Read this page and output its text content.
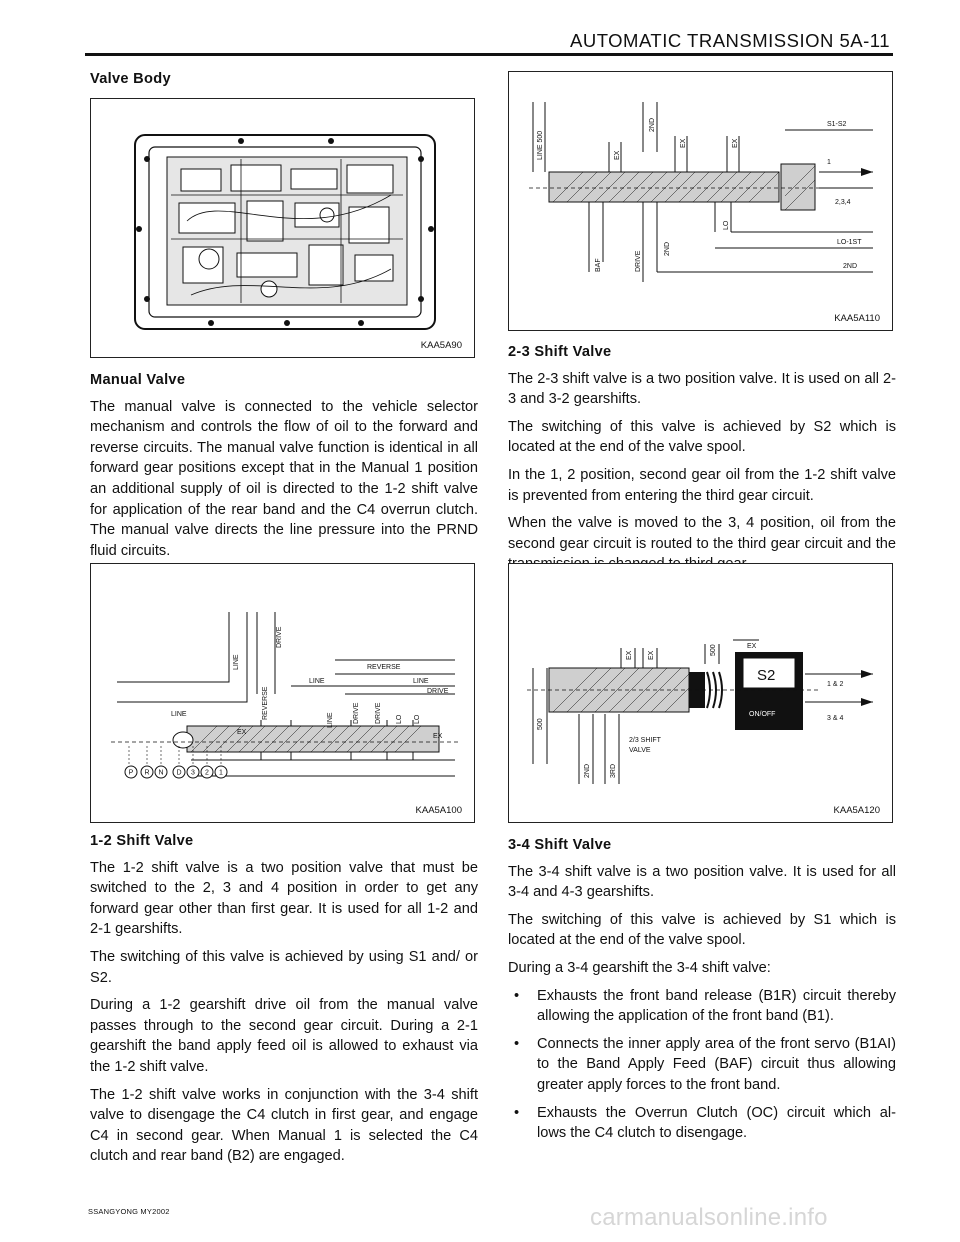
AUTOMATIC TRANSMISSION 5A-11
Valve Body
KAA5A90
Manual Valve

The manual valve is connected to the vehicle selector mechanism and controls the flow of oil to the forward and reverse circuits. The manual valve function is identical in all forward gear positions except that in the Manual 1 position an additional supply of oil is directed to the 1-2 shift valve for application of the rear band and the C4 overrun clutch. The manual valve directs the line pressure into the PRND fluid circuits.

P R N D 3 2 1
LINE
LINE
DRIVE
REVERSE
REVERSE
LINE	LINE
DRIVE
EX
EX
LINE	DRIVE DRIVE LO LO
KAA5A100
1-2 Shift Valve

The 1-2 shift valve is a two position valve that must be switched to the 2, 3 and 4 position in order to get any forward gear other than first gear. It is used for all 1-2 and 2-1 gearshifts.

The switching of this valve is achieved by using S1 and/ or S2.

During a 1-2 gearshift drive oil from the manual valve passes through to the second gear circuit. During a 2-1 gearshift the band apply feed oil is allowed to exhaust via the 1-2 shift valve.

The 1-2 shift valve works in conjunction with the 3-4 shift valve to disengage the C4 clutch in first gear, and engage C4 in second gear. When Manual 1 is selected the C4 clutch and rear band (B2) are engaged.

LINE 500	EX
2ND
EX	EX
S1-S2
1
2,3,4
LO-1ST
2ND
BAF	DRIVE
2ND
LO
KAA5A110
2-3 Shift Valve

The 2-3 shift valve is a two position valve. It is used on all 2-3 and 3-2 gearshifts.

The switching of this valve is achieved by S2 which is located at the end of the valve spool.

In the 1, 2 position, second gear oil from the 1-2 shift valve is prevented from entering the third gear circuit.

When the valve is moved to the 3, 4 position, oil from the second gear circuit is routed to the third gear circuit and the

EX EX	500	EX
S2
ON/OFF
1 & 2
3 & 4
500
2/3 SHIFT
VALVE
2ND	3RD
KAA5A120
3-4 Shift Valve

The 3-4 shift valve is a two position valve. It is used for all 3-4 and 4-3 gearshifts.

The switching of this valve is achieved by S1 which is located at the end of the valve spool.

During a 3-4 gearshift the 3-4 shift valve:

• Exhausts the front band release (B1R) circuit thereby allowing the application of the front band (B1).
• Connects the inner apply area of the front servo (B1AI) to the Band Apply Feed (BAF) circuit thus allowing greater apply forces to the front band.
• Exhausts the Overrun Clutch (OC) circuit which al- lows the C4 clutch to disengage.
SSANGYONG MY2002	carmanualsonline.info
